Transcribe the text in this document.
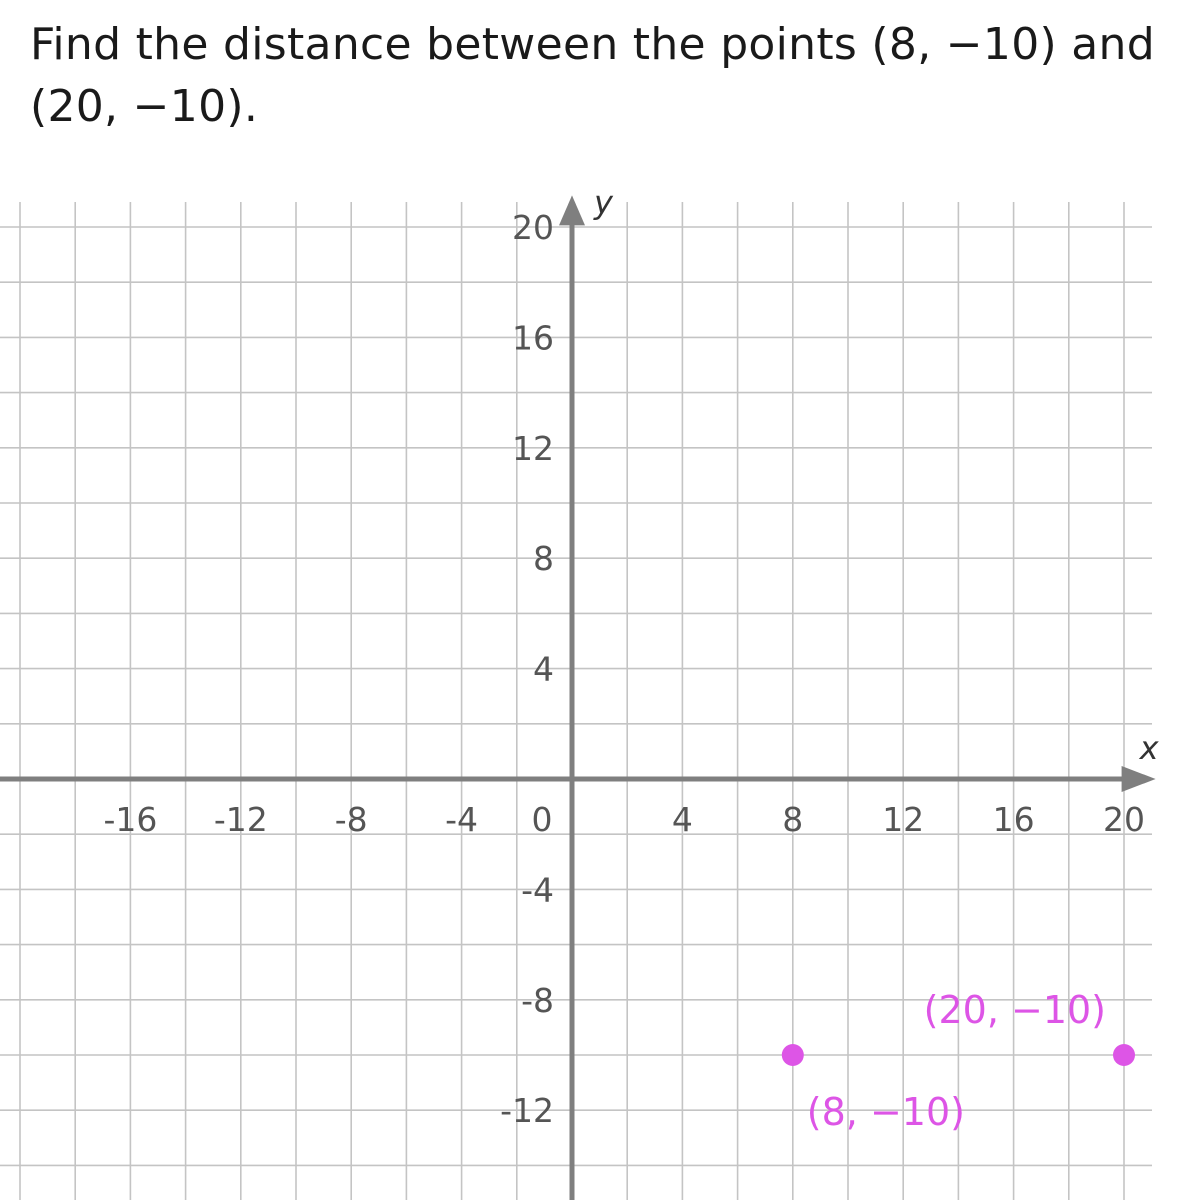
Find the distance between the points (8, −10) and (20, −10).

x
y
-16 -12 -8 -4 0	4	8 12 16 20
-12
-8
-4
4
8
12
16
20
(8, −10)
(20, −10)
